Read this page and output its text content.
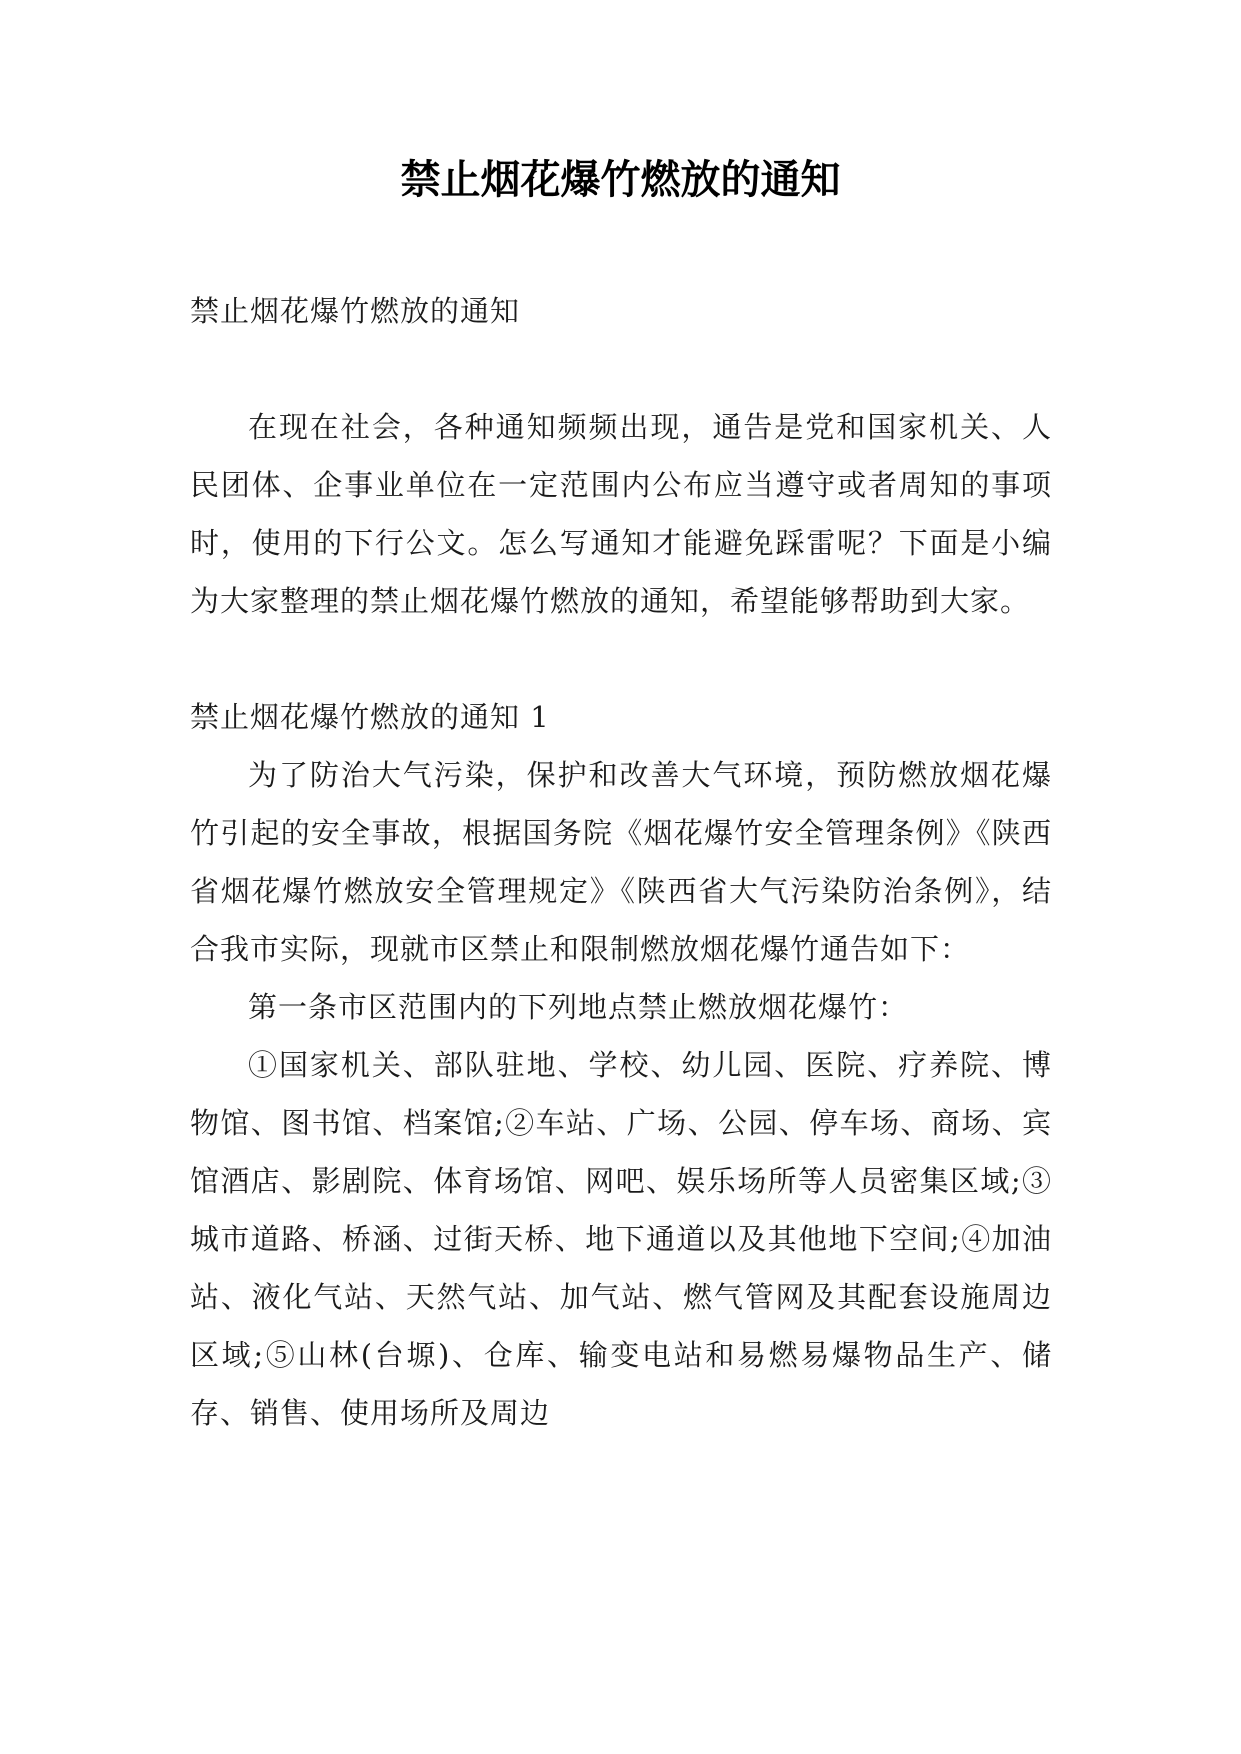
禁止烟花爆竹燃放的通知

禁止烟花爆竹燃放的通知

在现在社会，各种通知频频出现，通告是党和国家机关、人民团体、企事业单位在一定范围内公布应当遵守或者周知的事项时，使用的下行公文。怎么写通知才能避免踩雷呢？下面是小编为大家整理的禁止烟花爆竹燃放的通知，希望能够帮助到大家。

禁止烟花爆竹燃放的通知 1

为了防治大气污染，保护和改善大气环境，预防燃放烟花爆竹引起的安全事故，根据国务院《烟花爆竹安全管理条例》《陕西省烟花爆竹燃放安全管理规定》《陕西省大气污染防治条例》，结合我市实际，现就市区禁止和限制燃放烟花爆竹通告如下：

第一条市区范围内的下列地点禁止燃放烟花爆竹：

①国家机关、部队驻地、学校、幼儿园、医院、疗养院、博物馆、图书馆、档案馆;②车站、广场、公园、停车场、商场、宾馆酒店、影剧院、体育场馆、网吧、娱乐场所等人员密集区域;③城市道路、桥涵、过街天桥、地下通道以及其他地下空间;④加油站、液化气站、天然气站、加气站、燃气管网及其配套设施周边区域;⑤山林(台塬)、仓库、输变电站和易燃易爆物品生产、储存、销售、使用场所及周边
